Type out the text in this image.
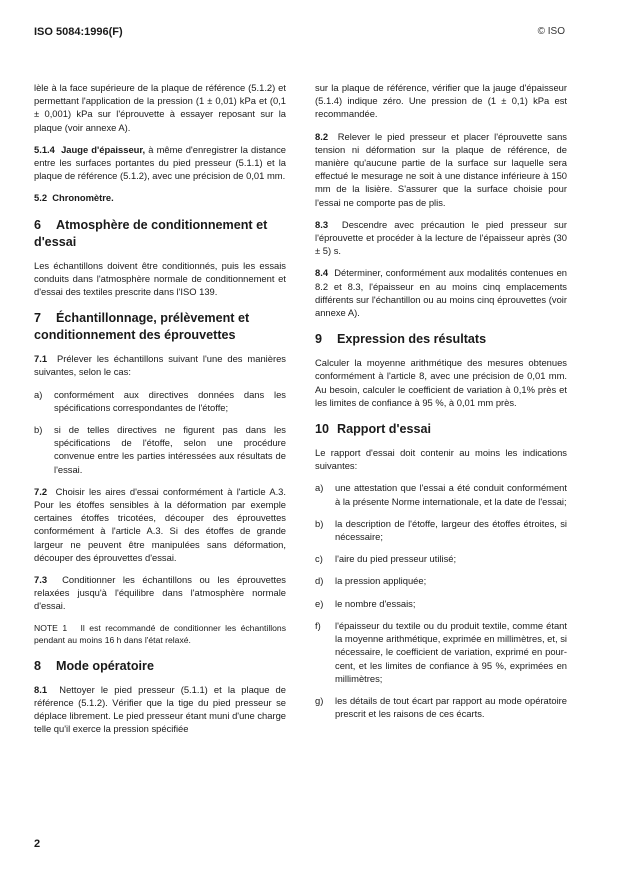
ISO 5084:1996(F)	© ISO

lèle à la face supérieure de la plaque de référence (5.1.2) et permettant l'application de la pression (1 ± 0,01) kPa et (0,1 ± 0,001) kPa sur l'éprouvette à essayer reposant sur la plaque (voir annexe A).

5.1.4 Jauge d'épaisseur, à même d'enregistrer la distance entre les surfaces portantes du pied presseur (5.1.1) et la plaque de référence (5.1.2), avec une précision de 0,01 mm.

5.2 Chronomètre.

6 Atmosphère de conditionnement et d'essai

Les échantillons doivent être conditionnés, puis les essais conduits dans l'atmosphère normale de conditionnement et d'essai des textiles prescrite dans l'ISO 139.

7 Échantillonnage, prélèvement et conditionnement des éprouvettes

7.1 Prélever les échantillons suivant l'une des manières suivantes, selon le cas:

a)	conformément aux directives données dans les spécifications correspondantes de l'étoffe;
b)	si de telles directives ne figurent pas dans les spécifications de l'étoffe, selon une procédure convenue entre les parties intéressées aux résultats de l'essai.

7.2 Choisir les aires d'essai conformément à l'article A.3. Pour les étoffes sensibles à la déformation par exemple certaines étoffes tricotées, découper des éprouvettes conformément à l'article A.3. Si des étoffes de grande largeur ne peuvent être manipulées sans déformation, découper des éprouvettes d'essai.

7.3 Conditionner les échantillons ou les éprouvettes relaxées jusqu'à l'équilibre dans l'atmosphère normale d'essai.

NOTE 1 Il est recommandé de conditionner les échantillons pendant au moins 16 h dans l'état relaxé.

8 Mode opératoire

8.1 Nettoyer le pied presseur (5.1.1) et la plaque de référence (5.1.2). Vérifier que la tige du pied presseur se déplace librement. Le pied presseur étant muni d'une charge telle qu'il exerce la pression spécifiée

sur la plaque de référence, vérifier que la jauge d'épaisseur (5.1.4) indique zéro. Une pression de (1 ± 0,1) kPa est recommandée.

8.2 Relever le pied presseur et placer l'éprouvette sans tension ni déformation sur la plaque de référence, de manière qu'aucune partie de la surface sur laquelle sera effectué le mesurage ne soit à une distance inférieure à 150 mm de la lisière. S'assurer que la surface choisie pour l'essai ne comporte pas de plis.

8.3 Descendre avec précaution le pied presseur sur l'éprouvette et procéder à la lecture de l'épaisseur après (30 ± 5) s.

8.4 Déterminer, conformément aux modalités contenues en 8.2 et 8.3, l'épaisseur en au moins cinq emplacements différents sur l'échantillon ou au moins cinq éprouvettes (voir annexe A).

9 Expression des résultats

Calculer la moyenne arithmétique des mesures obtenues conformément à l'article 8, avec une précision de 0,01 mm. Au besoin, calculer le coefficient de variation à 0,1% près et les limites de confiance à 95 %, à 0,01 mm près.

10 Rapport d'essai

Le rapport d'essai doit contenir au moins les indications suivantes:

a)	une attestation que l'essai a été conduit conformément à la présente Norme internationale, et la date de l'essai;
b)	la description de l'étoffe, largeur des étoffes étroites, si nécessaire;
c)	l'aire du pied presseur utilisé;
d)	la pression appliquée;
e)	le nombre d'essais;
f)	l'épaisseur du textile ou du produit textile, comme étant la moyenne arithmétique, exprimée en millimètres, et, si nécessaire, le coefficient de variation, exprimé en pour-cent, et les limites de confiance à 95 %, exprimées en millimètres;
g)	les détails de tout écart par rapport au mode opératoire prescrit et les raisons de ces écarts.
2
